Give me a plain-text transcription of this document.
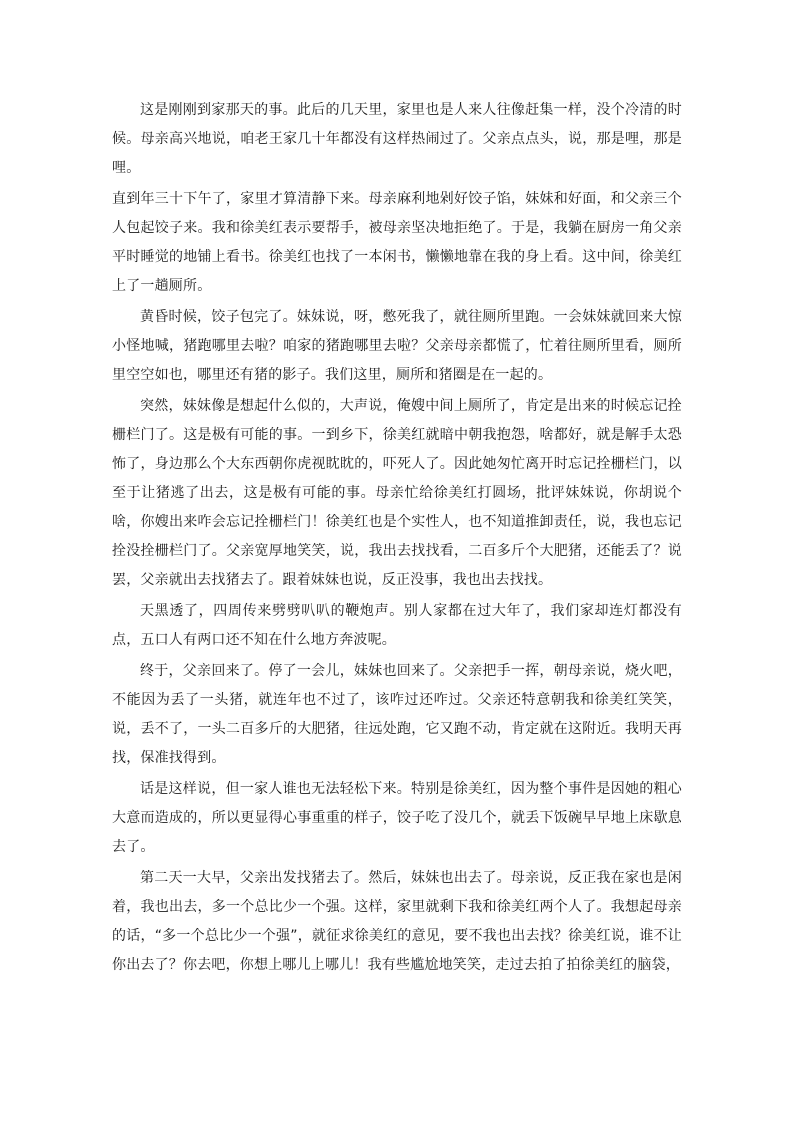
这是刚刚到家那天的事。此后的几天里，家里也是人来人往像赶集一样，没个冷清的时候。母亲高兴地说，咱老王家几十年都没有这样热闹过了。父亲点点头，说，那是哩，那是哩。

直到年三十下午了，家里才算清静下来。母亲麻利地剁好饺子馅，妹妹和好面，和父亲三个人包起饺子来。我和徐美红表示要帮手，被母亲坚决地拒绝了。于是，我躺在厨房一角父亲平时睡觉的地铺上看书。徐美红也找了一本闲书，懒懒地靠在我的身上看。这中间，徐美红上了一趟厕所。

黄昏时候，饺子包完了。妹妹说，呀，憋死我了，就往厕所里跑。一会妹妹就回来大惊小怪地喊，猪跑哪里去啦？咱家的猪跑哪里去啦？父亲母亲都慌了，忙着往厕所里看，厕所里空空如也，哪里还有猪的影子。我们这里，厕所和猪圈是在一起的。

突然，妹妹像是想起什么似的，大声说，俺嫂中间上厕所了，肯定是出来的时候忘记拴栅栏门了。这是极有可能的事。一到乡下，徐美红就暗中朝我抱怨，啥都好，就是解手太恐怖了，身边那么个大东西朝你虎视眈眈的，吓死人了。因此她匆忙离开时忘记拴栅栏门，以至于让猪逃了出去，这是极有可能的事。母亲忙给徐美红打圆场，批评妹妹说，你胡说个啥，你嫂出来咋会忘记拴栅栏门！徐美红也是个实性人，也不知道推卸责任，说，我也忘记拴没拴栅栏门了。父亲宽厚地笑笑，说，我出去找找看，二百多斤个大肥猪，还能丢了？说罢，父亲就出去找猪去了。跟着妹妹也说，反正没事，我也出去找找。

天黑透了，四周传来劈劈叭叭的鞭炮声。别人家都在过大年了，我们家却连灯都没有点，五口人有两口还不知在什么地方奔波呢。

终于，父亲回来了。停了一会儿，妹妹也回来了。父亲把手一挥，朝母亲说，烧火吧，不能因为丢了一头猪，就连年也不过了，该咋过还咋过。父亲还特意朝我和徐美红笑笑，说，丢不了，一头二百多斤的大肥猪，往远处跑，它又跑不动，肯定就在这附近。我明天再找，保准找得到。

话是这样说，但一家人谁也无法轻松下来。特别是徐美红，因为整个事件是因她的粗心大意而造成的，所以更显得心事重重的样子，饺子吃了没几个，就丢下饭碗早早地上床歇息去了。

第二天一大早，父亲出发找猪去了。然后，妹妹也出去了。母亲说，反正我在家也是闲着，我也出去，多一个总比少一个强。这样，家里就剩下我和徐美红两个人了。我想起母亲的话，“多一个总比少一个强”，就征求徐美红的意见，要不我也出去找？徐美红说，谁不让你出去了？你去吧，你想上哪儿上哪儿！我有些尴尬地笑笑，走过去拍了拍徐美红的脑袋，
